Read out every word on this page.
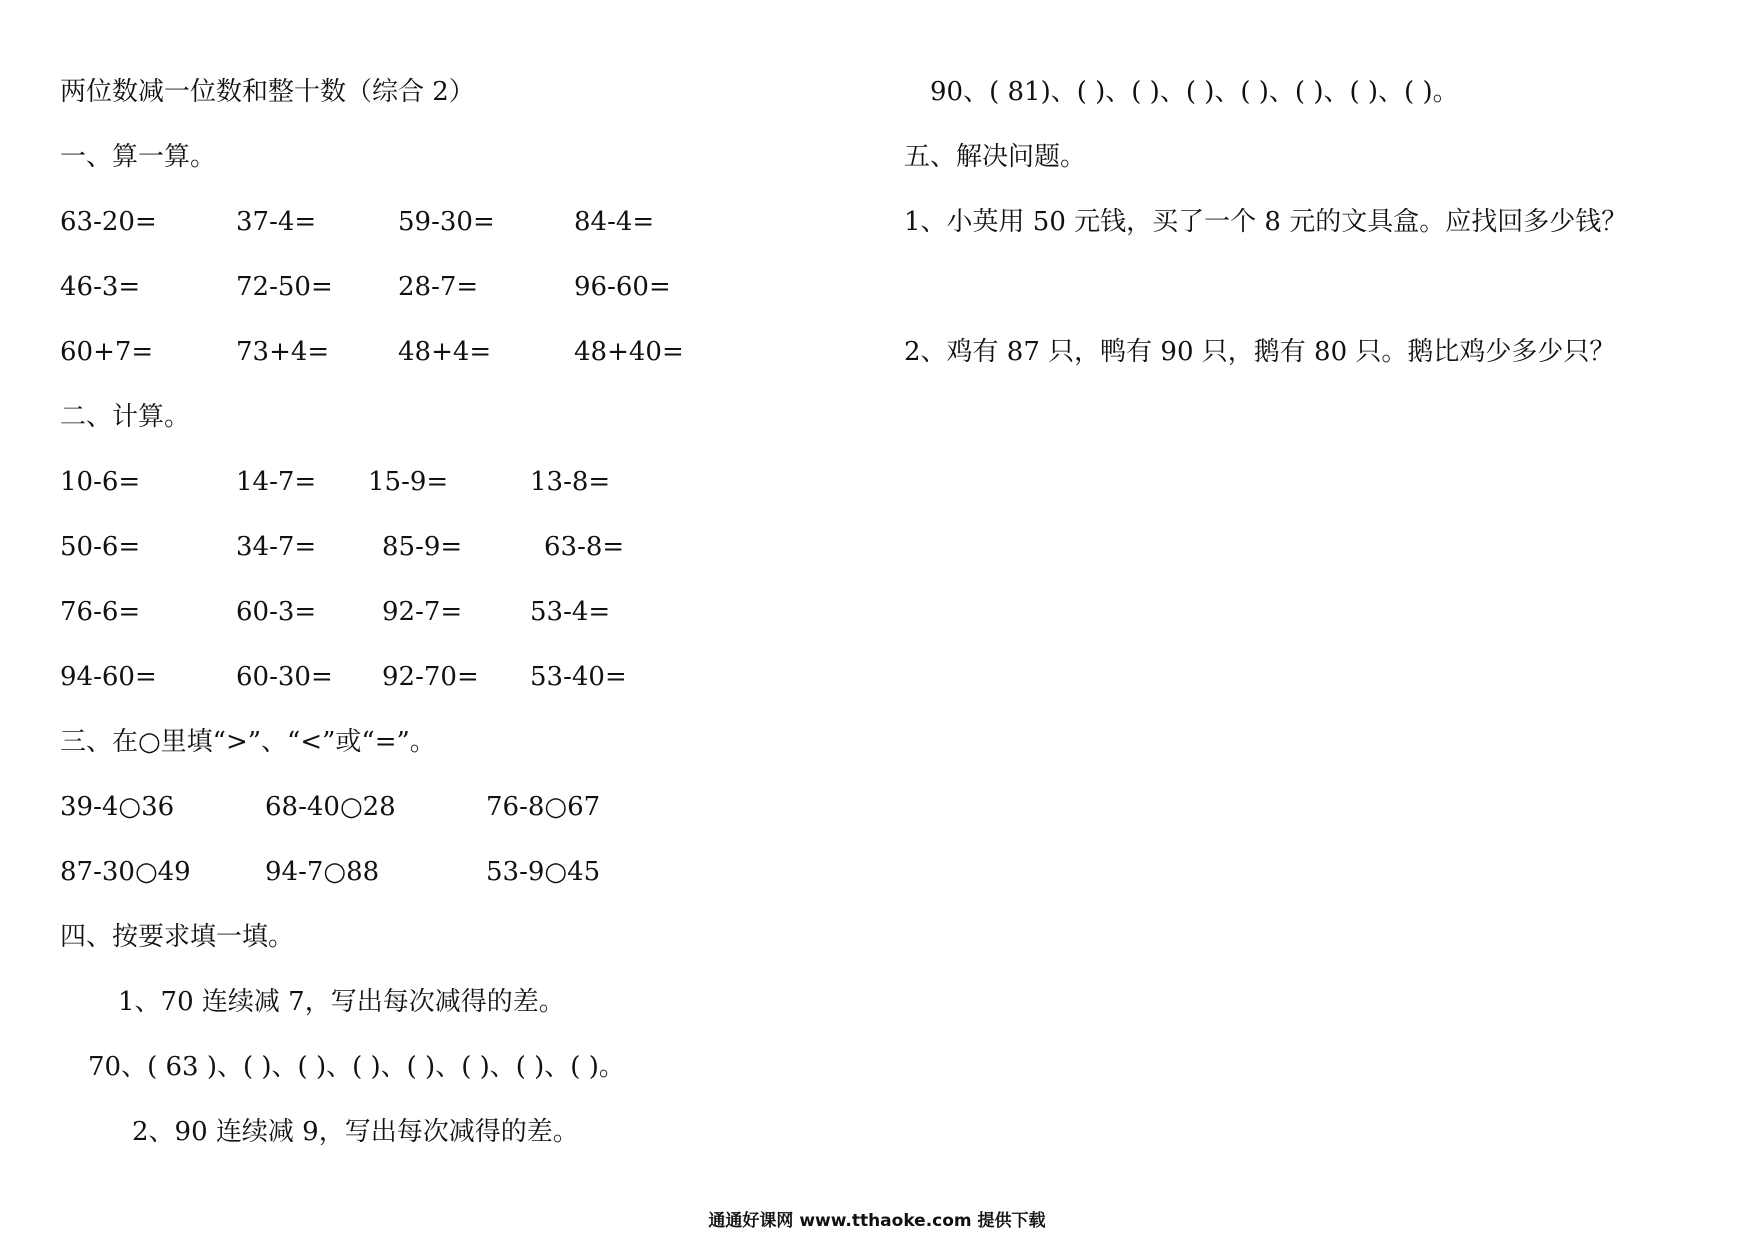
两位数减一位数和整十数（综合 2）
一、算一算。
63-20=	37-4=	59-30=	84-4=
46-3=	72-50=	28-7=	96-60=
60+7=	73+4=	48+4=	48+40=
二、计算。
10-6=	14-7= 15-9=	13-8=
50-6=	34-7=	85-9=	63-8=
76-6=	60-3=	92-7=	53-4=
94-60=	60-30= 92-70= 53-40=
三、在○里填“>”、“<”或“=”。
39-4○36	68-40○28	76-8○67
87-30○49	94-7○88	53-9○45
四、按要求填一填。
1、70 连续减 7，写出每次减得的差。
70、( 63 )、( )、( )、( )、( )、( )、( )、( )。
2、90 连续减 9，写出每次减得的差。
90、( 81)、( )、( )、( )、( )、( )、( )、( )。
五、解决问题。
1、小英用 50 元钱，买了一个 8 元的文具盒。应找回多少钱？
2、鸡有 87 只，鸭有 90 只，鹅有 80 只。鹅比鸡少多少只？
通通好课网 www.tthaoke.com 提供下载
